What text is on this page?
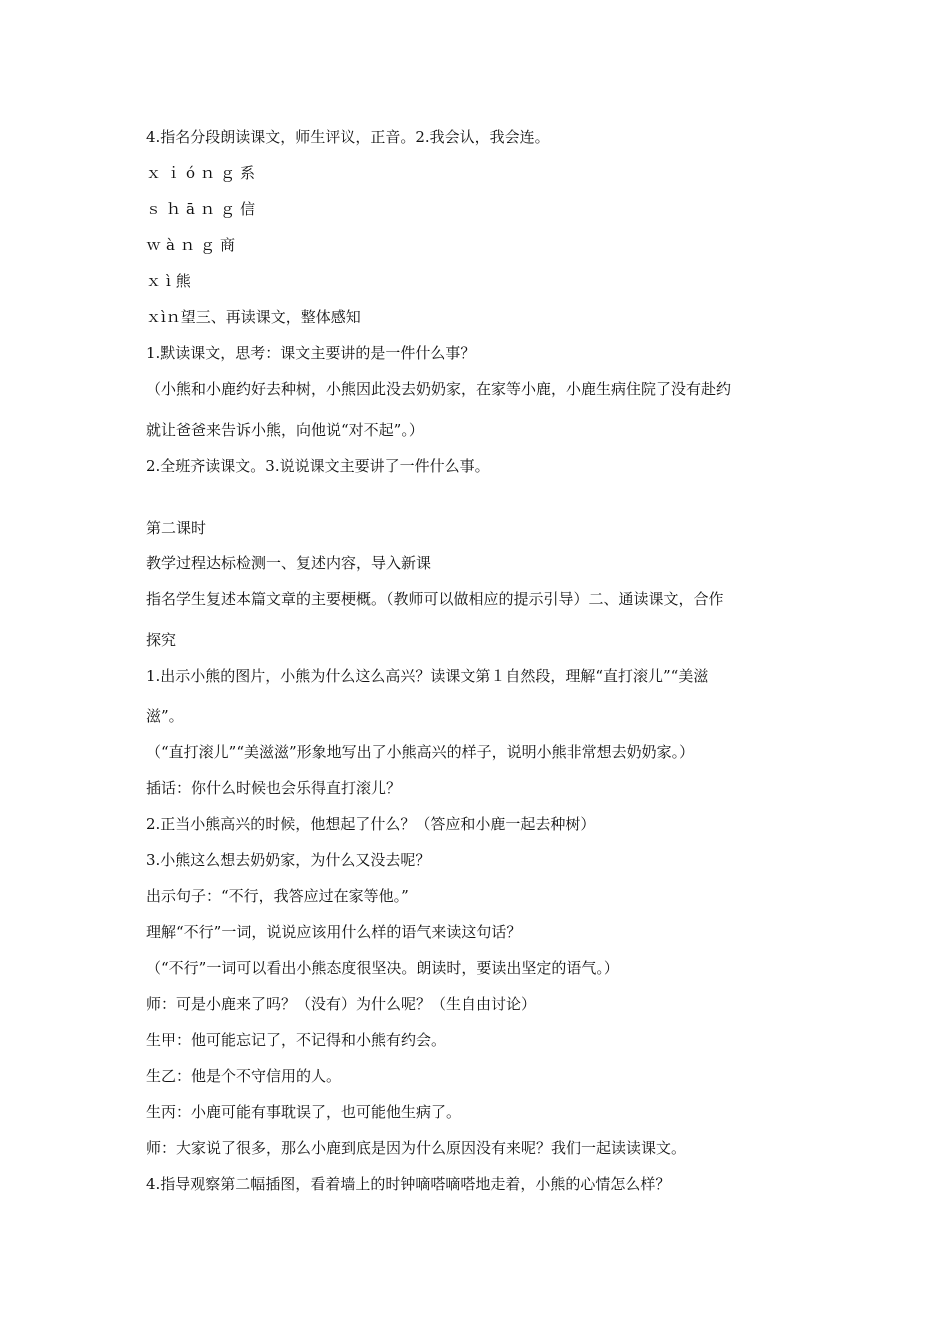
4.指名分段朗读课文，师生评议，正音。2.我会认，我会连。
ｘｉóｎｇ系
ｓｈāｎｇ信
ｗàｎｇ商
ｘì熊
ｘìｎ望三、再读课文，整体感知
1.默读课文，思考：课文主要讲的是一件什么事？
（小熊和小鹿约好去种树，小熊因此没去奶奶家，在家等小鹿，小鹿生病住院了没有赴约
就让爸爸来告诉小熊，向他说“对不起”。）
2.全班齐读课文。3.说说课文主要讲了一件什么事。
第二课时
教学过程达标检测一、复述内容，导入新课
指名学生复述本篇文章的主要梗概。（教师可以做相应的提示引导）二、通读课文，合作
探究
1.出示小熊的图片，小熊为什么这么高兴？读课文第１自然段，理解“直打滚儿”“美滋
滋”。
（“直打滚儿”“美滋滋”形象地写出了小熊高兴的样子，说明小熊非常想去奶奶家。）
插话：你什么时候也会乐得直打滚儿？
2.正当小熊高兴的时候，他想起了什么？（答应和小鹿一起去种树）
3.小熊这么想去奶奶家，为什么又没去呢？
出示句子：“不行，我答应过在家等他。”
理解“不行”一词，说说应该用什么样的语气来读这句话？
（“不行”一词可以看出小熊态度很坚决。朗读时，要读出坚定的语气。）
师：可是小鹿来了吗？（没有）为什么呢？（生自由讨论）
生甲：他可能忘记了，不记得和小熊有约会。
生乙：他是个不守信用的人。
生丙：小鹿可能有事耽误了，也可能他生病了。
师：大家说了很多，那么小鹿到底是因为什么原因没有来呢？我们一起读读课文。
4.指导观察第二幅插图，看着墙上的时钟嘀嗒嘀嗒地走着，小熊的心情怎么样？
